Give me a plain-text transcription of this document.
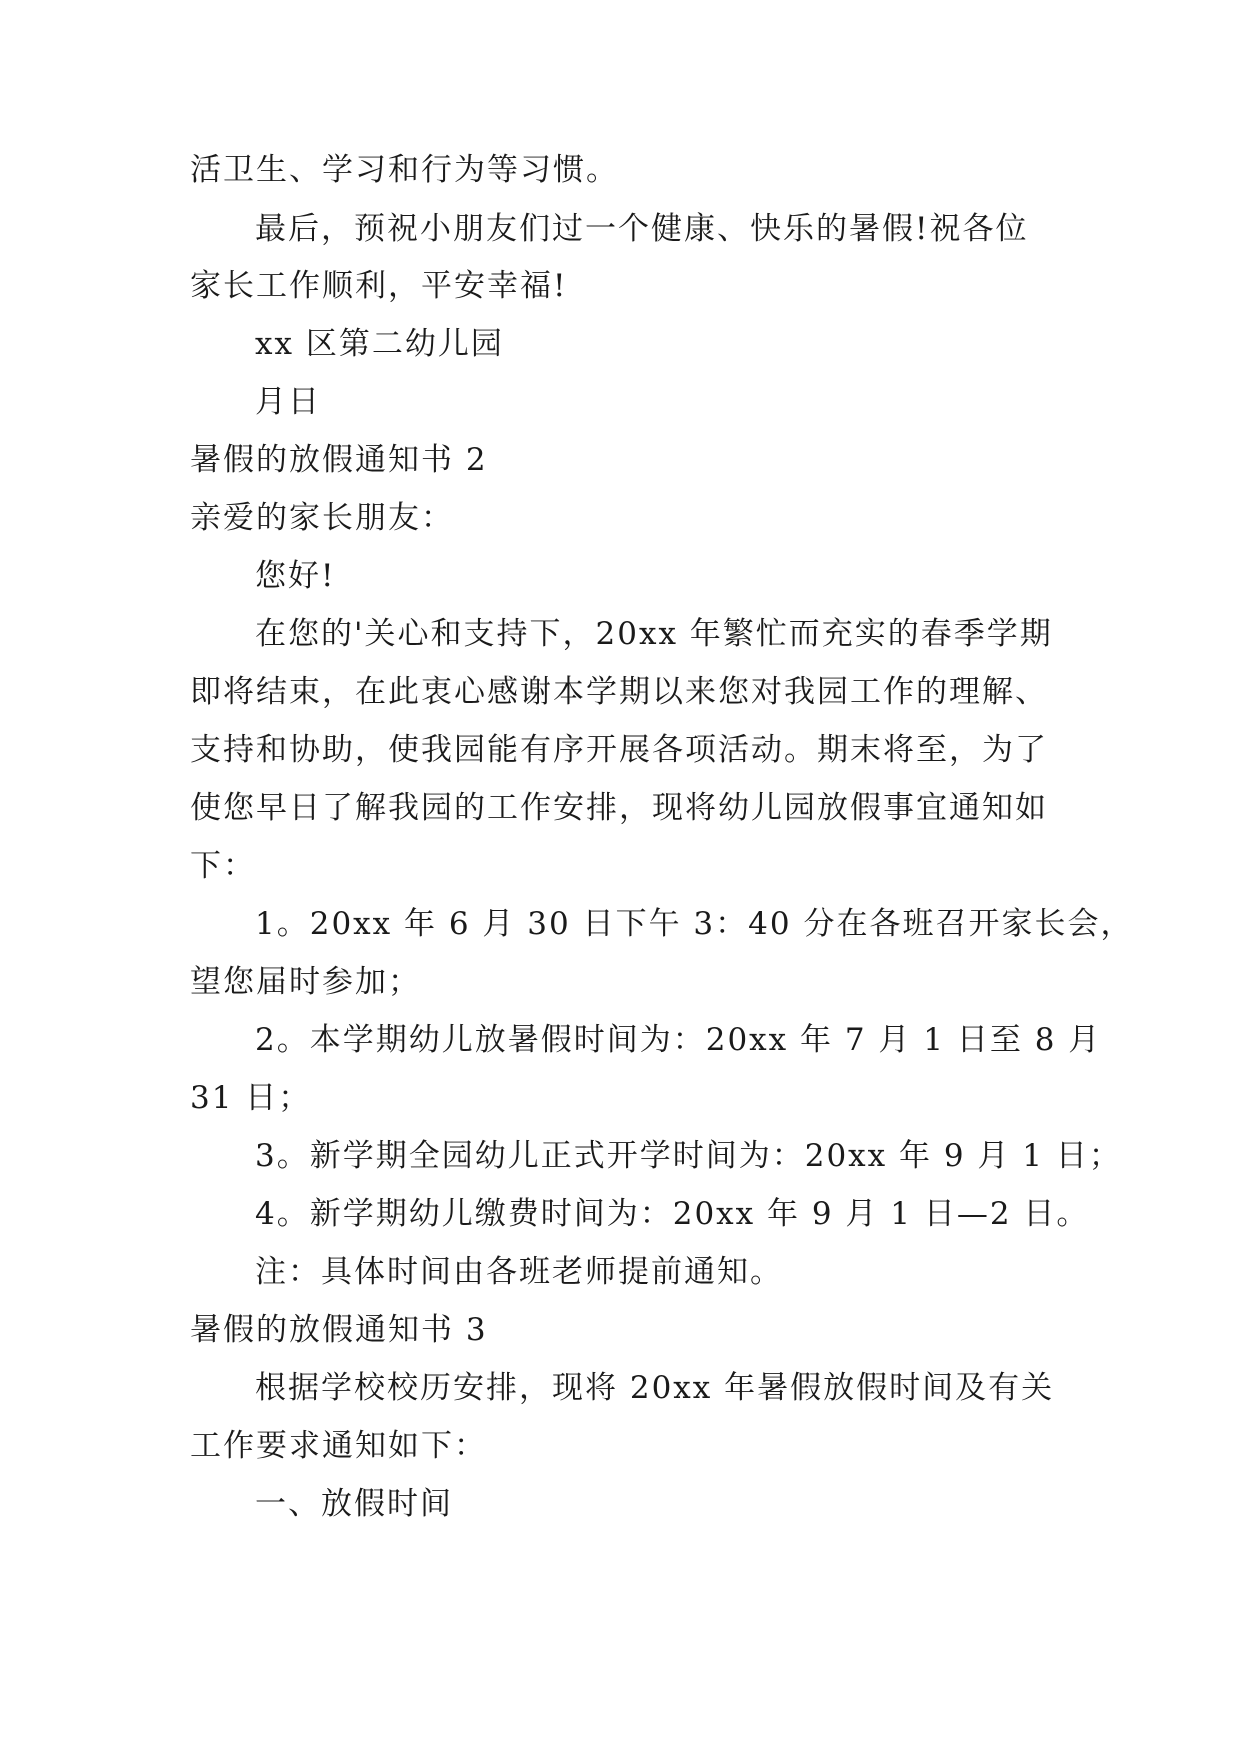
活卫生、学习和行为等习惯。
最后，预祝小朋友们过一个健康、快乐的暑假!祝各位
家长工作顺利，平安幸福!
xx 区第二幼儿园
月日
暑假的放假通知书 2
亲爱的家长朋友：
您好!
在您的'关心和支持下，20xx 年繁忙而充实的春季学期
即将结束，在此衷心感谢本学期以来您对我园工作的理解、
支持和协助，使我园能有序开展各项活动。期末将至，为了
使您早日了解我园的工作安排，现将幼儿园放假事宜通知如
下：
1。20xx 年 6 月 30 日下午 3：40 分在各班召开家长会，
望您届时参加；
2。本学期幼儿放暑假时间为：20xx 年 7 月 1 日至 8 月
31 日；
3。新学期全园幼儿正式开学时间为：20xx 年 9 月 1 日；
4。新学期幼儿缴费时间为：20xx 年 9 月 1 日—2 日。
注：具体时间由各班老师提前通知。
暑假的放假通知书 3
根据学校校历安排，现将 20xx 年暑假放假时间及有关
工作要求通知如下：
一、放假时间
